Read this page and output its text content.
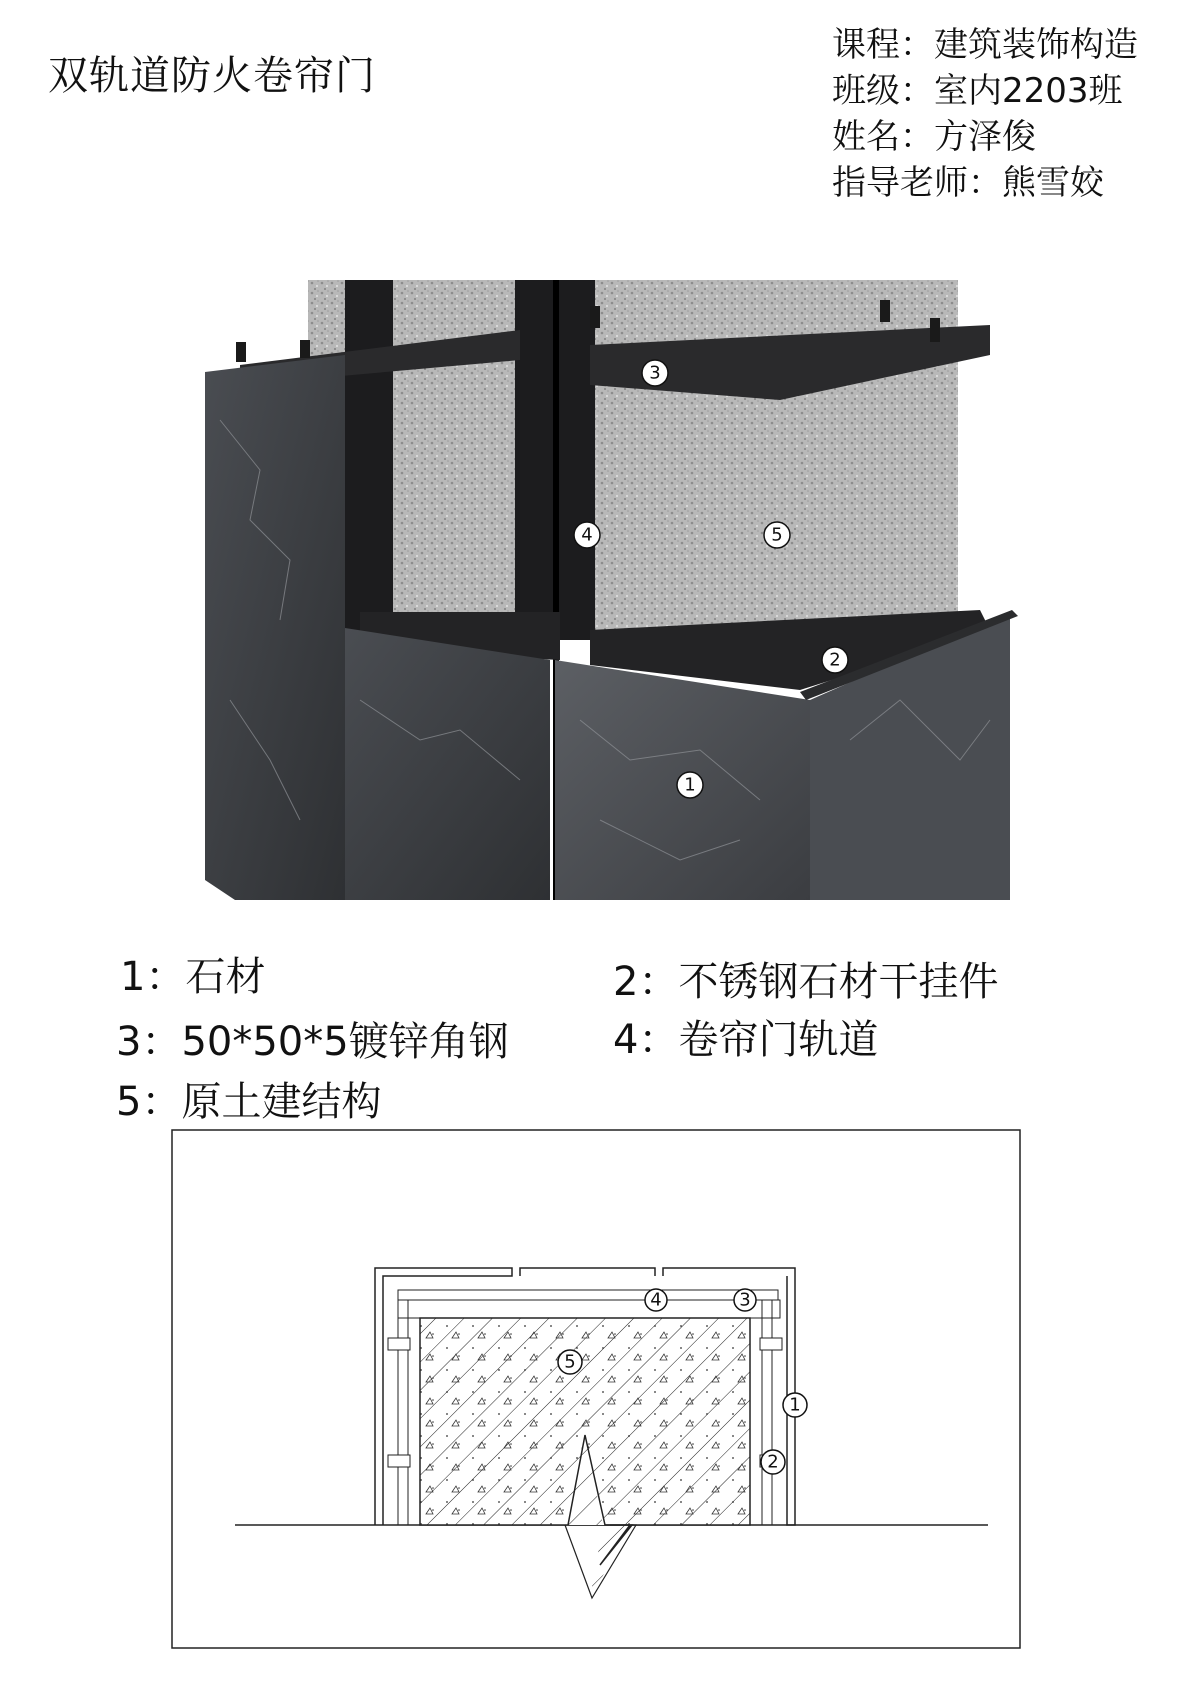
双轨道防火卷帘门
课程：建筑装饰构造
班级：室内2203班
姓名：方泽俊
指导老师：熊雪姣
3
4	5
2
1
1：石材	2：不锈钢石材干挂件
3：50*50*5镀锌角钢	4：卷帘门轨道
5：原土建结构
4	3
5
1
2
